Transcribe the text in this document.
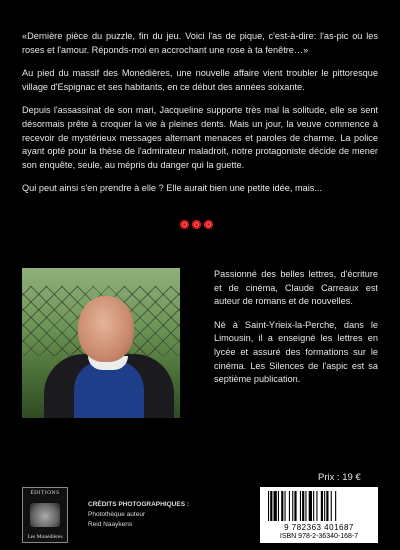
«Dernière pièce du puzzle, fin du jeu. Voici l'as de pique, c'est-à-dire: l'as-pic ou les roses et l'amour. Réponds-moi en accrochant une rose à ta fenêtre…»

Au pied du massif des Monédières, une nouvelle affaire vient troubler le pittoresque village d'Espignac et ses habitants, en ce début des années soixante.

Depuis l'assassinat de son mari, Jacqueline supporte très mal la solitude, elle se sent désormais prête à croquer la vie à pleines dents. Mais un jour, la veuve commence à recevoir de mystérieux messages alternant menaces et paroles de charme. La police ayant opté pour la thèse de l'admirateur maladroit, notre protagoniste décide de mener son enquête, seule, au mépris du danger qui la guette.

Qui peut ainsi s'en prendre à elle ? Elle aurait bien une petite idée, mais...

Passionné des belles lettres, d'écriture et de cinéma, Claude Carreaux est auteur de romans et de nouvelles.

Né à Saint-Yrieix-la-Perche, dans le Limousin, il a enseigné les lettres en lycée et assuré des formations sur le cinéma. Les Silences de l'aspic est sa septième publication.

Prix : 19 €
ÉDITIONS
Les Monédières
CRÉDITS PHOTOGRAPHIQUES :
Photothèque auteur
Reid Naaykens	9 782363 401687
ISBN 978-2-36340-168-7
